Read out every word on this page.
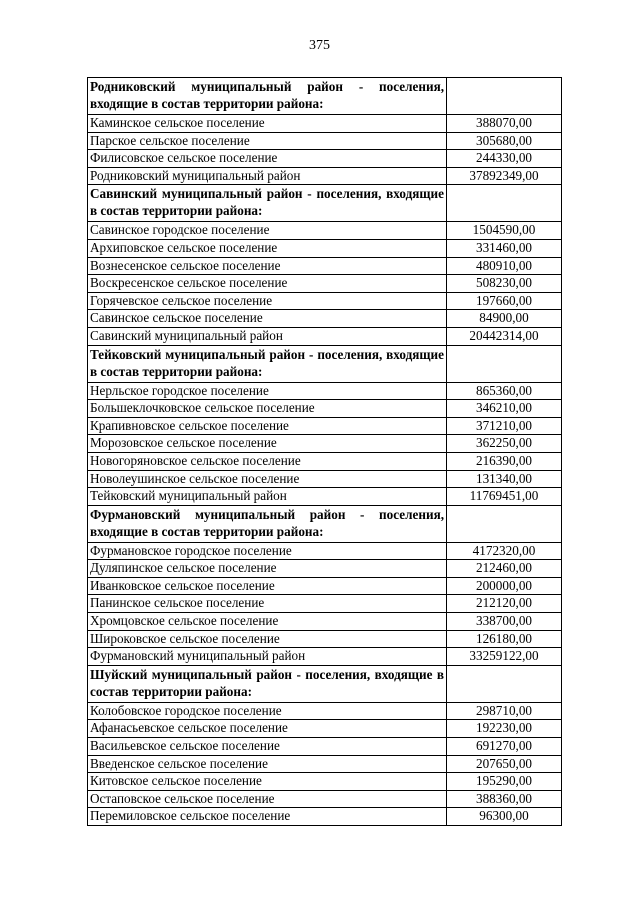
375
Родниковский муниципальный район - поселения, входящие в состав территории района:	
Каминское сельское поселение	388070,00
Парское сельское поселение	305680,00
Филисовское сельское поселение	244330,00
Родниковский муниципальный район	37892349,00
Савинский муниципальный район - поселения, входящие в состав территории района:	
Савинское городское поселение	1504590,00
Архиповское сельское поселение	331460,00
Вознесенское сельское поселение	480910,00
Воскресенское сельское поселение	508230,00
Горячевское сельское поселение	197660,00
Савинское сельское поселение	84900,00
Савинский муниципальный район	20442314,00
Тейковский муниципальный район - поселения, входящие в состав территории района:	
Нерльское городское поселение	865360,00
Большеклочковское сельское поселение	346210,00
Крапивновское сельское поселение	371210,00
Морозовское сельское поселение	362250,00
Новогоряновское сельское поселение	216390,00
Новолеушинское сельское поселение	131340,00
Тейковский муниципальный район	11769451,00
Фурмановский муниципальный район - поселения, входящие в состав территории района:	
Фурмановское городское поселение	4172320,00
Дуляпинское сельское поселение	212460,00
Иванковское сельское поселение	200000,00
Панинское сельское поселение	212120,00
Хромцовское сельское поселение	338700,00
Широковское сельское поселение	126180,00
Фурмановский муниципальный район	33259122,00
Шуйский муниципальный район - поселения, входящие в состав территории района:	
Колобовское городское поселение	298710,00
Афанасьевское сельское поселение	192230,00
Васильевское сельское поселение	691270,00
Введенское сельское поселение	207650,00
Китовское сельское поселение	195290,00
Остаповское сельское поселение	388360,00
Перемиловское сельское поселение	96300,00
